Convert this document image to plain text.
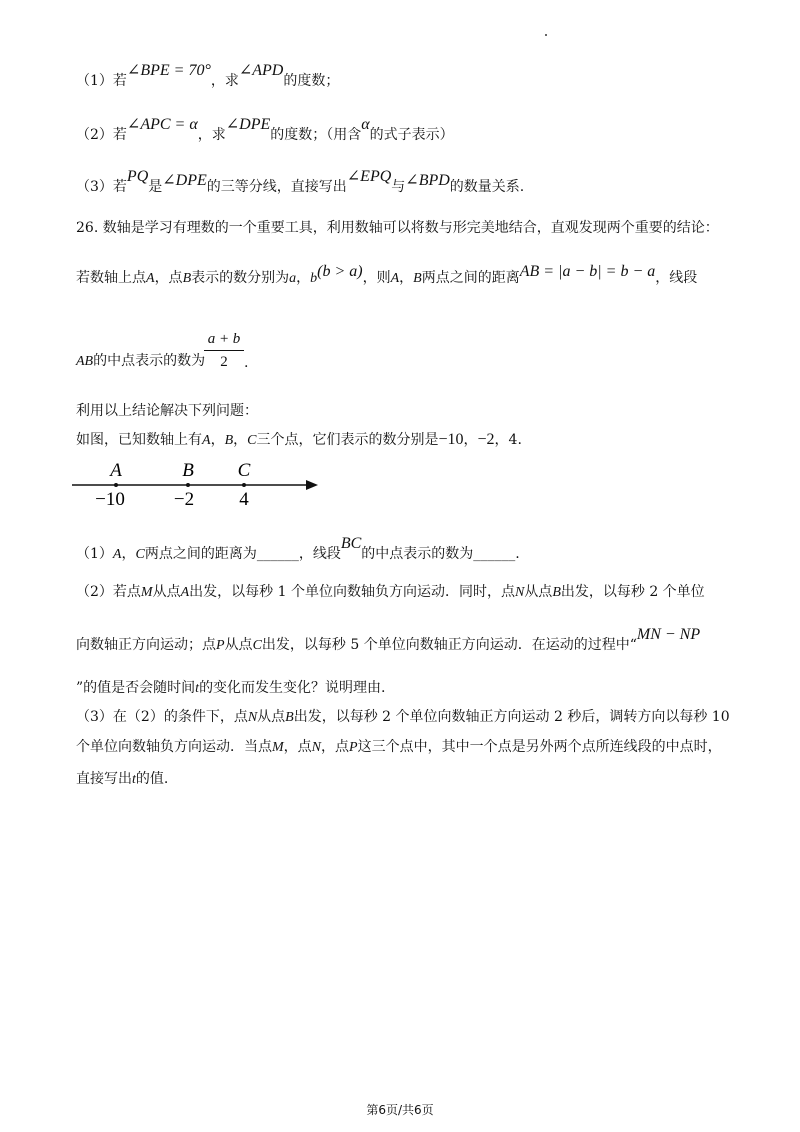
（1）若∠BPE = 70°，求∠APD的度数；
（2）若∠APC = α，求∠DPE的度数；（用含α的式子表示）
（3）若PQ是∠DPE的三等分线，直接写出∠EPQ与∠BPD的数量关系.
26. 数轴是学习有理数的一个重要工具，利用数轴可以将数与形完美地结合，直观发现两个重要的结论：
若数轴上点A，点B表示的数分别为a，b(b > a)，则A，B两点之间的距离AB = |a − b| = b − a，线段
AB的中点表示的数为
a + b
2	.
利用以上结论解决下列问题：
如图，已知数轴上有A，B，C三个点，它们表示的数分别是−10，−2，4.
A	B C
−10	−2 4
（1）A，C两点之间的距离为______，线段BC的中点表示的数为______.
（2）若点M从点A出发，以每秒 1 个单位向数轴负方向运动．同时，点N从点B出发，以每秒 2 个单位
向数轴正方向运动；点P从点C出发，以每秒 5 个单位向数轴正方向运动．在运动的过程中“MN − NP
”的值是否会随时间t的变化而发生变化？说明理由.
（3）在（2）的条件下，点N从点B出发，以每秒 2 个单位向数轴正方向运动 2 秒后，调转方向以每秒 10
个单位向数轴负方向运动．当点M，点N，点P这三个点中，其中一个点是另外两个点所连线段的中点时，
直接写出t的值.
第6页/共6页
